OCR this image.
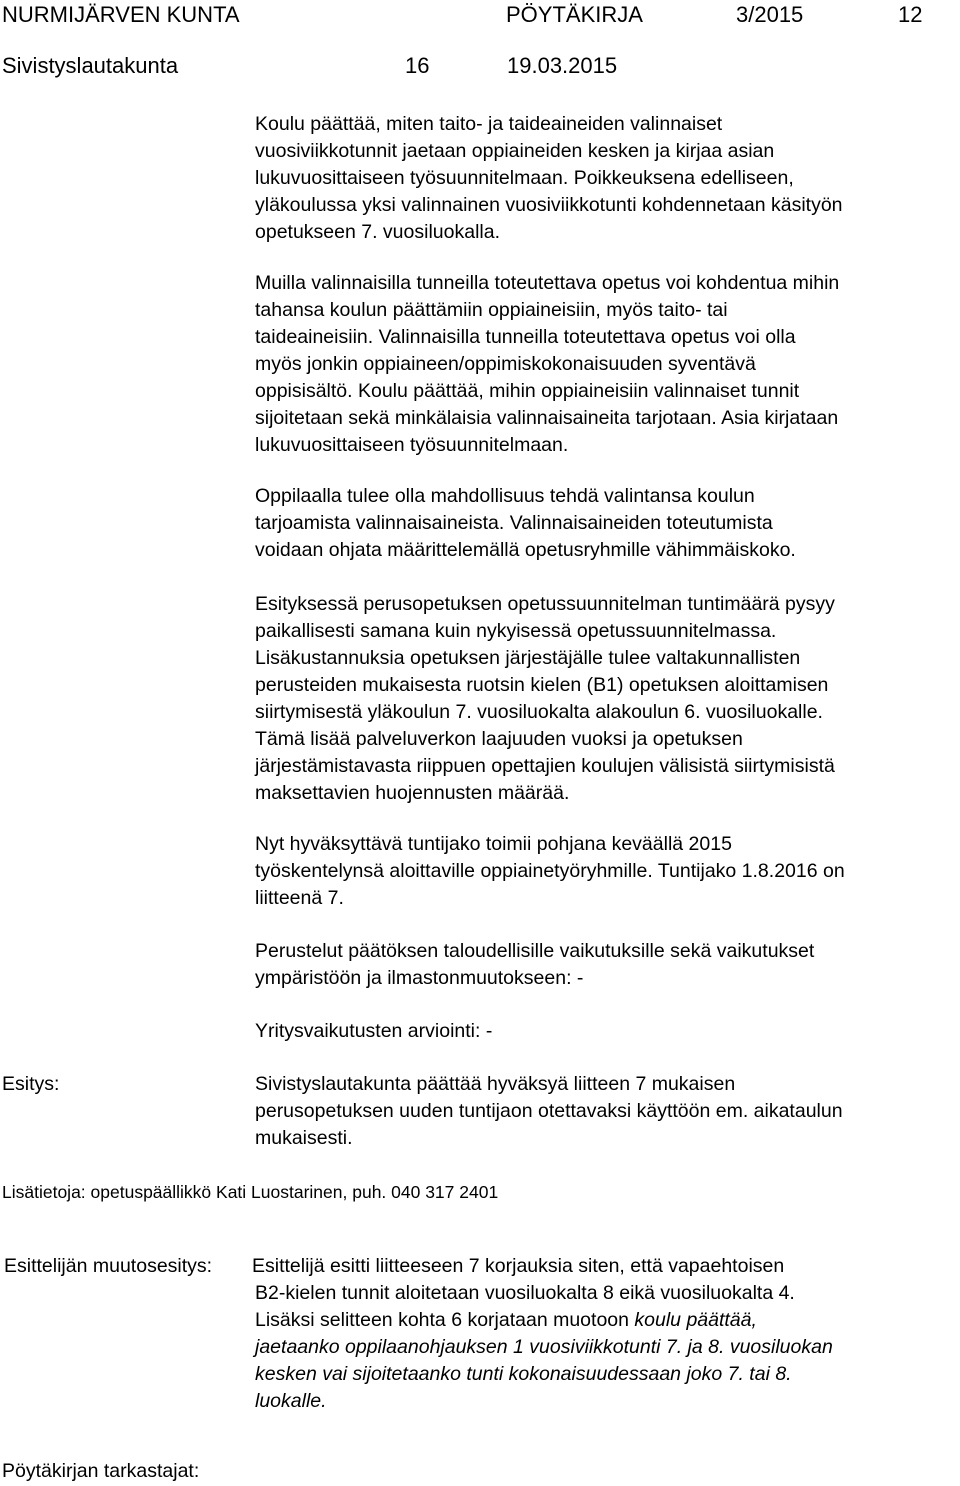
NURMIJÄRVEN KUNTA	PÖYTÄKIRJA	3/2015	12
Sivistyslautakunta	16	19.03.2015
Koulu päättää, miten taito- ja taideaineiden valinnaiset
vuosiviikkotunnit jaetaan oppiaineiden kesken ja kirjaa asian
lukuvuosittaiseen työsuunnitelmaan. Poikkeuksena edelliseen,
yläkoulussa yksi valinnainen vuosiviikkotunti kohdennetaan käsityön
opetukseen 7. vuosiluokalla.
Muilla valinnaisilla tunneilla toteutettava opetus voi kohdentua mihin
tahansa koulun päättämiin oppiaineisiin, myös taito- tai
taideaineisiin. Valinnaisilla tunneilla toteutettava opetus voi olla
myös jonkin oppiaineen/oppimiskokonaisuuden syventävä
oppisisältö. Koulu päättää, mihin oppiaineisiin valinnaiset tunnit
sijoitetaan sekä minkälaisia valinnaisaineita tarjotaan. Asia kirjataan
lukuvuosittaiseen työsuunnitelmaan.
Oppilaalla tulee olla mahdollisuus tehdä valintansa koulun
tarjoamista valinnaisaineista. Valinnaisaineiden toteutumista
voidaan ohjata määrittelemällä opetusryhmille vähimmäiskoko.
Esityksessä perusopetuksen opetussuunnitelman tuntimäärä pysyy
paikallisesti samana kuin nykyisessä opetussuunnitelmassa.
Lisäkustannuksia opetuksen järjestäjälle tulee valtakunnallisten
perusteiden mukaisesta ruotsin kielen (B1) opetuksen aloittamisen
siirtymisestä yläkoulun 7. vuosiluokalta alakoulun 6. vuosiluokalle.
Tämä lisää palveluverkon laajuuden vuoksi ja opetuksen
järjestämistavasta riippuen opettajien koulujen välisistä siirtymisistä
maksettavien huojennusten määrää.
Nyt hyväksyttävä tuntijako toimii pohjana keväällä 2015
työskentelynsä aloittaville oppiainetyöryhmille. Tuntijako 1.8.2016 on
liitteenä 7.
Perustelut päätöksen taloudellisille vaikutuksille sekä vaikutukset
ympäristöön ja ilmastonmuutokseen: -
Yritysvaikutusten arviointi: -
Esitys:	Sivistyslautakunta päättää hyväksyä liitteen 7 mukaisen
perusopetuksen uuden tuntijaon otettavaksi käyttöön em. aikataulun
mukaisesti.
Lisätietoja: opetuspäällikkö Kati Luostarinen, puh. 040 317 2401
Esittelijän muutosesitys: Esittelijä esitti liitteeseen 7 korjauksia siten, että vapaehtoisen
B2-kielen tunnit aloitetaan vuosiluokalta 8 eikä vuosiluokalta 4.
Lisäksi selitteen kohta 6 korjataan muotoon koulu päättää,
jaetaanko oppilaanohjauksen 1 vuosiviikkotunti 7. ja 8. vuosiluokan
kesken vai sijoitetaanko tunti kokonaisuudessaan joko 7. tai 8.
luokalle.
Pöytäkirjan tarkastajat:
